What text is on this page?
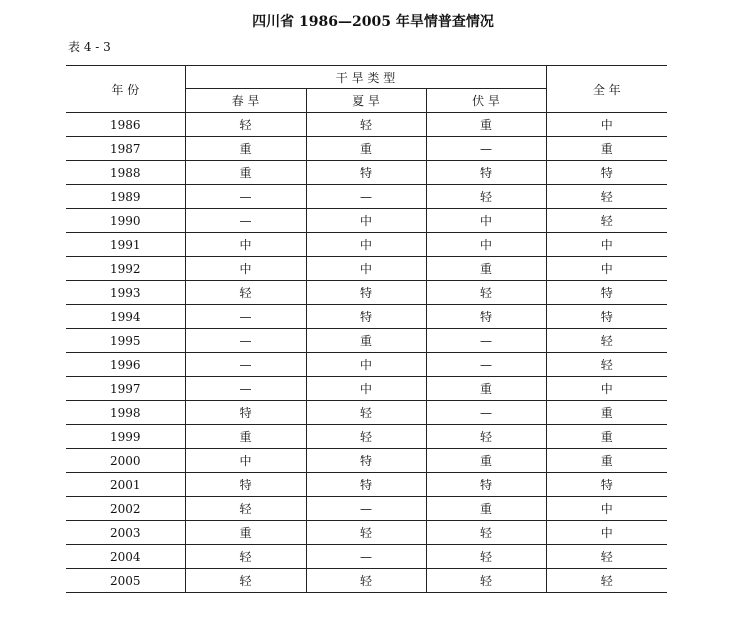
四川省 1986—2005 年旱情普查情况
表 4 - 3
年 份	干 旱 类 型			全 年
	春 旱	夏 旱	伏 旱	
1986	轻	轻	重	中
1987	重	重	—	重
1988	重	特	特	特
1989	—	—	轻	轻
1990	—	中	中	轻
1991	中	中	中	中
1992	中	中	重	中
1993	轻	特	轻	特
1994	—	特	特	特
1995	—	重	—	轻
1996	—	中	—	轻
1997	—	中	重	中
1998	特	轻	—	重
1999	重	轻	轻	重
2000	中	特	重	重
2001	特	特	特	特
2002	轻	—	重	中
2003	重	轻	轻	中
2004	轻	—	轻	轻
2005	轻	轻	轻	轻
